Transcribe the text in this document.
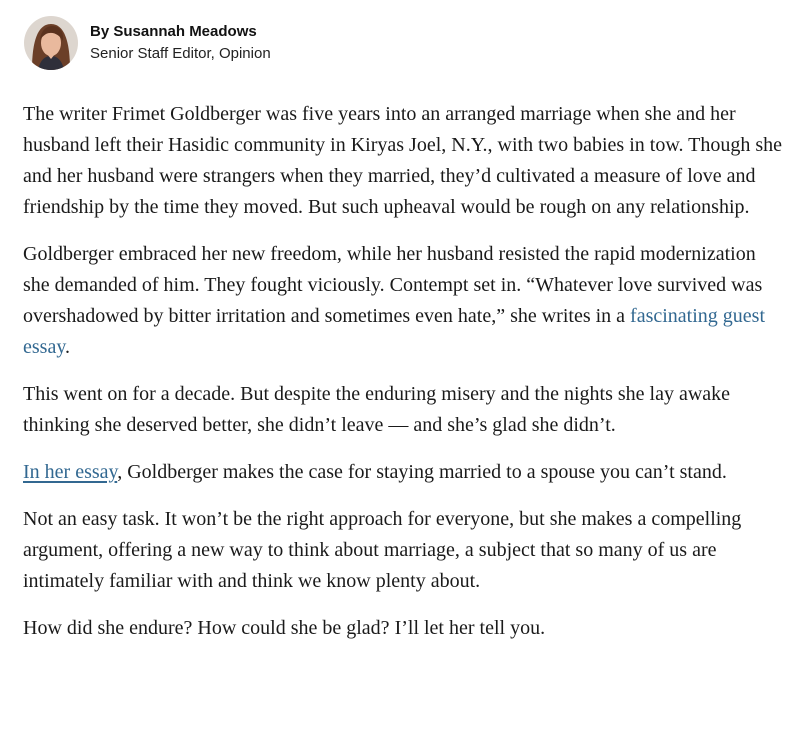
By Susannah Meadows
Senior Staff Editor, Opinion

The writer Frimet Goldberger was five years into an arranged marriage when she and her husband left their Hasidic community in Kiryas Joel, N.Y., with two babies in tow. Though she and her husband were strangers when they married, they’d cultivated a measure of love and friendship by the time they moved. But such upheaval would be rough on any relationship.

Goldberger embraced her new freedom, while her husband resisted the rapid modernization she demanded of him. They fought viciously. Contempt set in. “Whatever love survived was overshadowed by bitter irritation and sometimes even hate,” she writes in a fascinating guest essay.

This went on for a decade. But despite the enduring misery and the nights she lay awake thinking she deserved better, she didn’t leave — and she’s glad she didn’t.

In her essay, Goldberger makes the case for staying married to a spouse you can’t stand.

Not an easy task. It won’t be the right approach for everyone, but she makes a compelling argument, offering a new way to think about marriage, a subject that so many of us are intimately familiar with and think we know plenty about.

How did she endure? How could she be glad? I’ll let her tell you.
